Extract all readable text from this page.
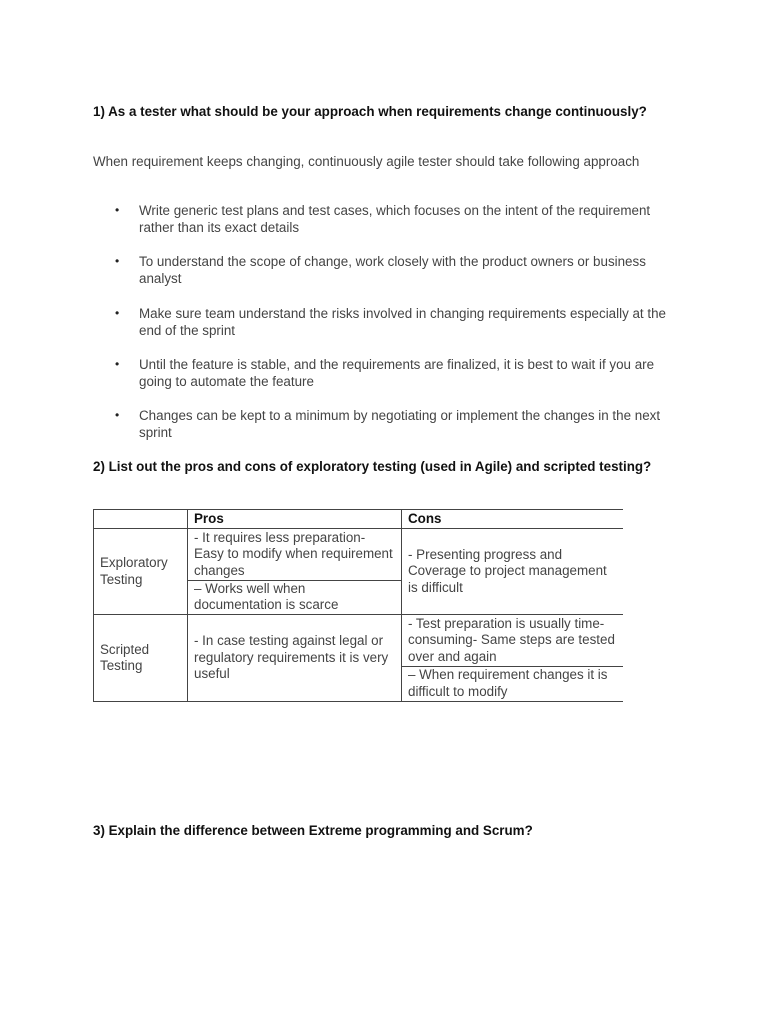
1) As a tester what should be your approach when requirements change continuously?
When requirement keeps changing, continuously agile tester should take following approach
• Write generic test plans and test cases, which focuses on the intent of the requirement rather than its exact details
• To understand the scope of change, work closely with the product owners or business analyst
• Make sure team understand the risks involved in changing requirements especially at the end of the sprint
• Until the feature is stable, and the requirements are finalized, it is best to wait if you are going to automate the feature
• Changes can be kept to a minimum by negotiating or implement the changes in the next sprint
2) List out the pros and cons of exploratory testing (used in Agile) and scripted testing?
	Pros	Cons
Exploratory Testing	- It requires less preparation- Easy to modify when requirement changes	- Presenting progress and Coverage to project management is difficult
	– Works well when documentation is scarce	
Scripted Testing	- In case testing against legal or regulatory requirements it is very useful	- Test preparation is usually time-consuming- Same steps are tested over and again
		– When requirement changes it is difficult to modify
3) Explain the difference between Extreme programming and Scrum?
